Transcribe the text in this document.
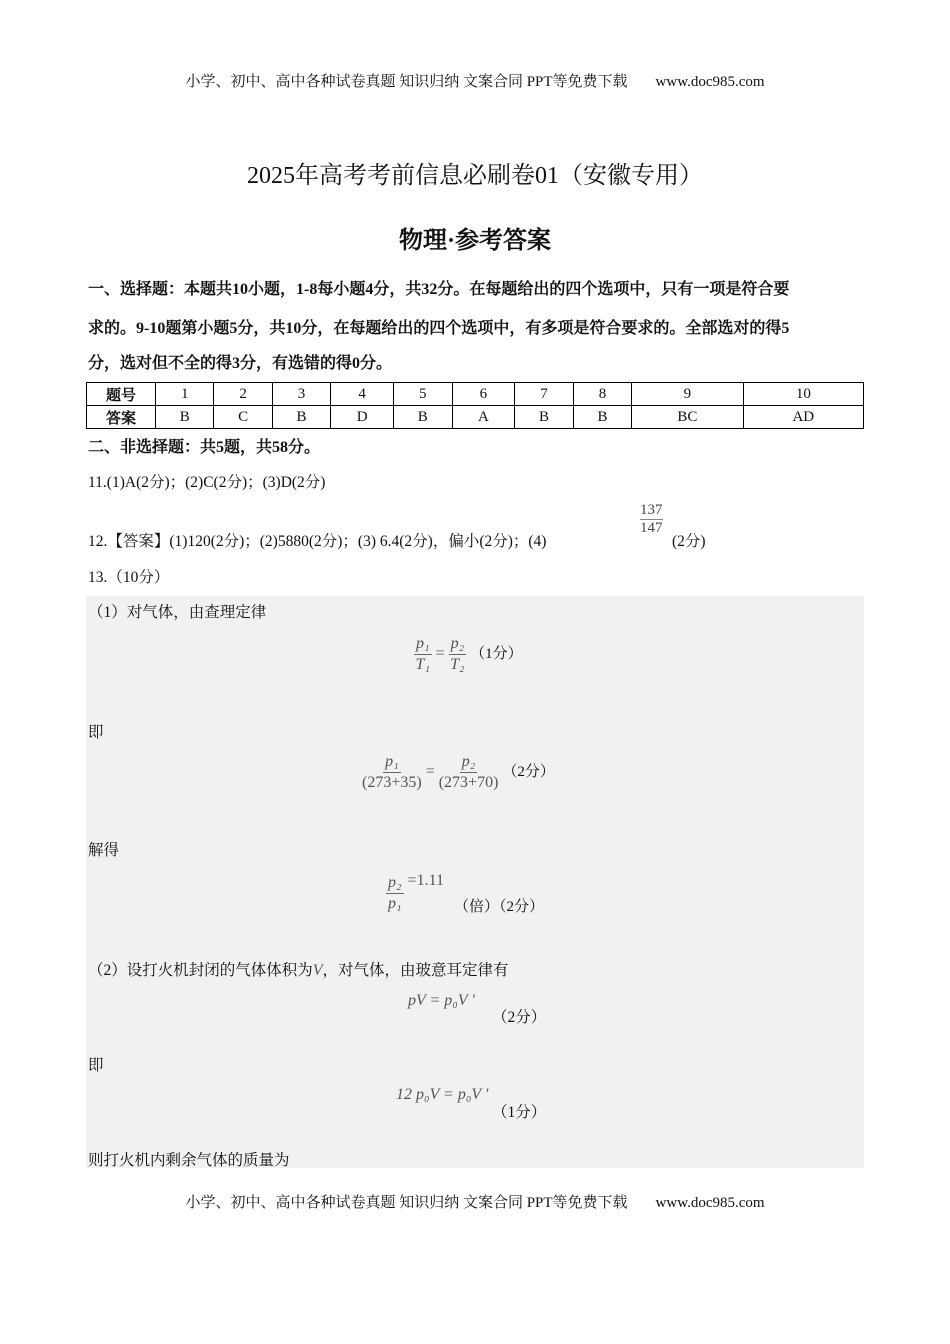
小学、初中、高中各种试卷真题 知识归纳 文案合同 PPT等免费下载 www.doc985.com
2025年高考考前信息必刷卷01（安徽专用）
物理·参考答案
一、选择题：本题共10小题，1-8每小题4分，共32分。在每题给出的四个选项中，只有一项是符合要
求的。9-10题第小题5分，共10分，在每题给出的四个选项中，有多项是符合要求的。全部选对的得5
分，选对但不全的得3分，有选错的得0分。
题号	1	2	3	4	5	6	7	8	9	10
答案	B	C	B	D	B	A	B	B	BC	AD
二、非选择题：共5题，共58分。
11.(1)A(2分)；(2)C(2分)；(3)D(2分)
12.【答案】(1)120(2分)；(2)5880(2分)；(3) 6.4(2分)，偏小(2分)；(4)
$\frac{137}{147}$
(2分)
13.（10分）
（1）对气体，由查理定律
$\frac{\text{p₁}}{\text{T₁}} = \frac{\text{p₂}}{\text{T₂}} (1$分）
即
$\frac{\text{p₁}}{(273+35)} = \frac{\text{p₂}}{(273+70)} (2$分）
解得
$\frac{\text{p₂}}{\text{p₁}} =1.11$ （倍）（2分）
（2）设打火机封闭的气体体积为V，对气体，由玻意耳定律有
pV = p₀V '
（2分）
即
12 p₀V = p₀V '
（1分）
则打火机内剩余气体的质量为
小学、初中、高中各种试卷真题 知识归纳 文案合同 PPT等免费下载 www.doc985.com
